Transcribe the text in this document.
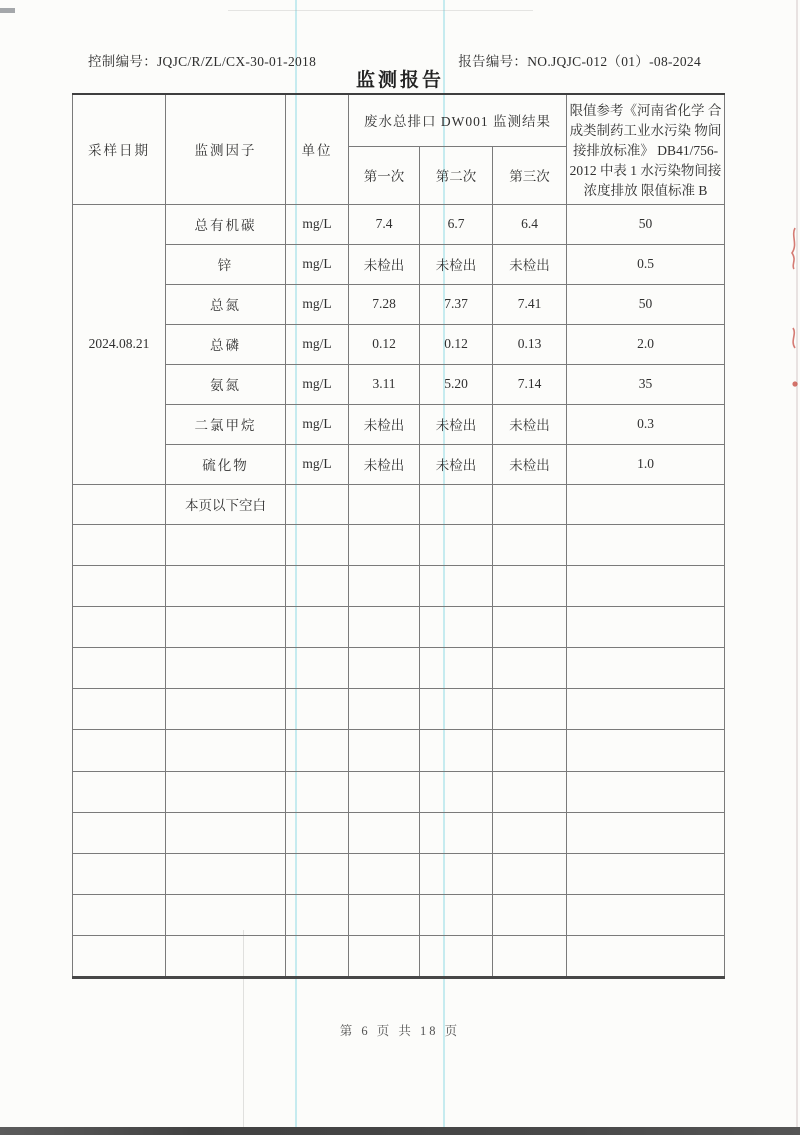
控制编号：JQJC/R/ZL/CX-30-01-2018	报告编号：NO.JQJC-012（01）-08-2024
监测报告
采样日期	监测因子	单位	废水总排口 DW001 监测结果			限值参考《河南省化学 合成类制药工业水污染 物间接排放标准》 DB41/756-2012 中表 1 水污染物间接浓度排放 限值标准 B
			第一次	第二次	第三次	
2024.08.21	总有机碳	mg/L	7.4	6.7	6.4	50
	锌	mg/L	未检出	未检出	未检出	0.5
	总氮	mg/L	7.28	7.37	7.41	50
	总磷	mg/L	0.12	0.12	0.13	2.0
	氨氮	mg/L	3.11	5.20	7.14	35
	二氯甲烷	mg/L	未检出	未检出	未检出	0.3
	硫化物	mg/L	未检出	未检出	未检出	1.0
	本页以下空白					

第 6 页 共 18 页
